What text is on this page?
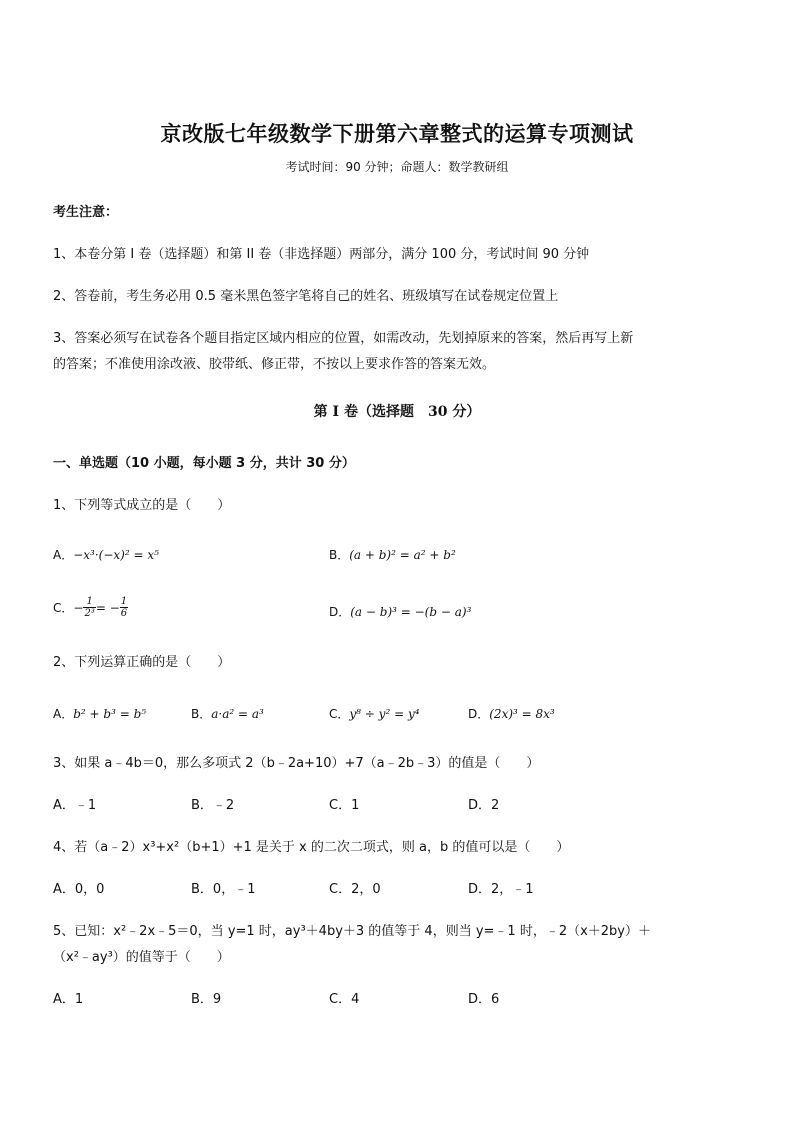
京改版七年级数学下册第六章整式的运算专项测试
考试时间：90 分钟；命题人：数学教研组
考生注意：
1、本卷分第 I 卷（选择题）和第 II 卷（非选择题）两部分，满分 100 分，考试时间 90 分钟
2、答卷前，考生务必用 0.5 毫米黑色签字笔将自己的姓名、班级填写在试卷规定位置上
3、答案必须写在试卷各个题目指定区域内相应的位置，如需改动，先划掉原来的答案，然后再写上新
的答案；不准使用涂改液、胶带纸、修正带，不按以上要求作答的答案无效。
第 I 卷（选择题　30 分）
一、单选题（10 小题，每小题 3 分，共计 30 分）
1、下列等式成立的是（　　）
A．−x³·(−x)² = x⁵	B．(a + b)² = a² + b²
C．− $\frac{1}{\text{2³}}$ = − $\frac{1}{6}$	D．(a − b)³ = −(b − a)³
2、下列运算正确的是（　　）
A．b² + b³ = b⁵	B．a·a² = a³	C．y⁸ ÷ y² = y⁴	D．(2x)³ = 8x³
3、如果 a﹣4b＝0，那么多项式 2（b﹣2a+10）+7（a﹣2b﹣3）的值是（　　）
A．﹣1	B．﹣2	C．1	D．2
4、若（a﹣2）x³+x²（b+1）+1 是关于 x 的二次二项式，则 a，b 的值可以是（　　）
A．0，0	B．0，﹣1	C．2，0	D．2，﹣1
5、已知：x²﹣2x﹣5＝0，当 y=1 时，ay³＋4by＋3 的值等于 4，则当 y=﹣1 时，﹣2（x＋2by）＋
（x²﹣ay³）的值等于（　　）
A．1	B．9	C．4	D．6
